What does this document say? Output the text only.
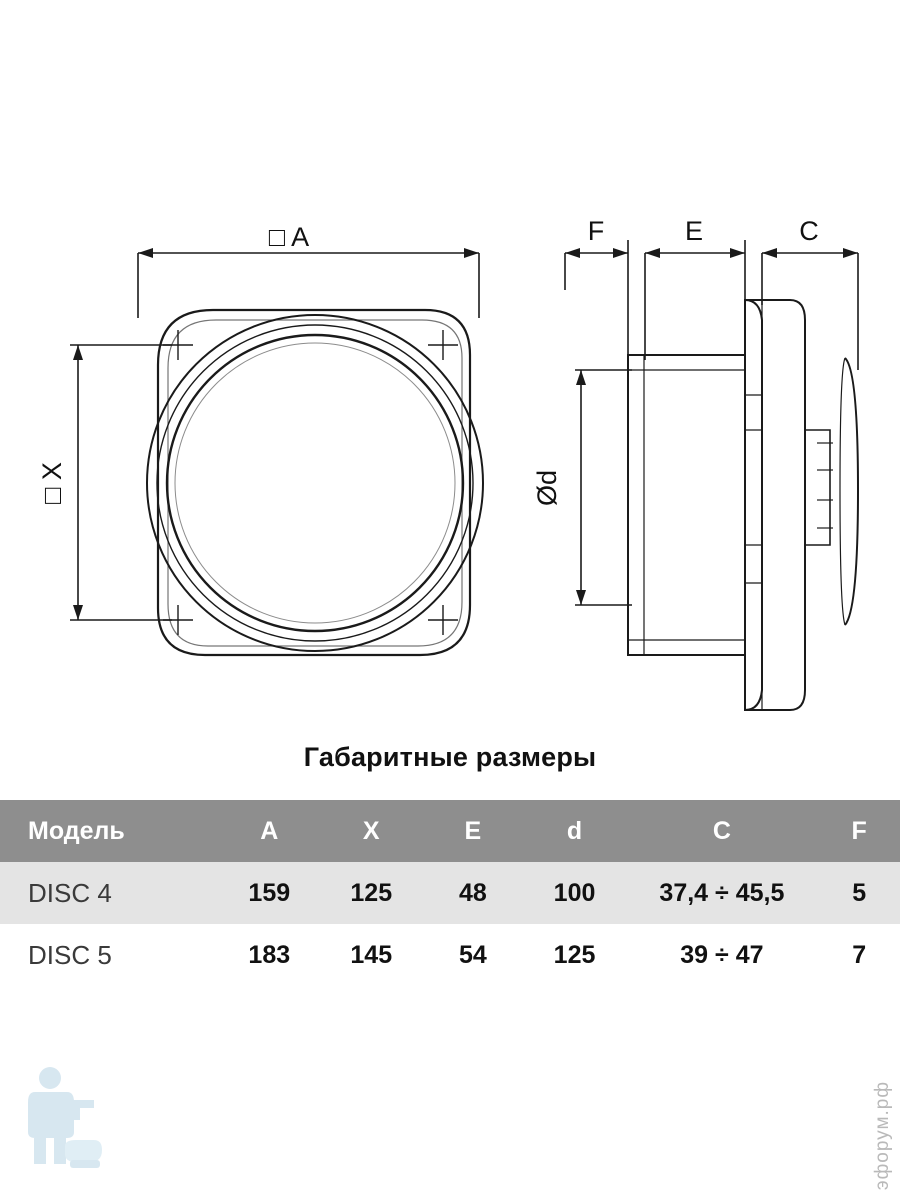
□ A
□ X
F	E	C
Ød
Габаритные размеры
Модель	A	X	E	d	C	F
DISC 4	159	125	48	100	37,4 ÷ 45,5	5
DISC 5	183	145	54	125	39 ÷ 47	7
эфорум.рф
